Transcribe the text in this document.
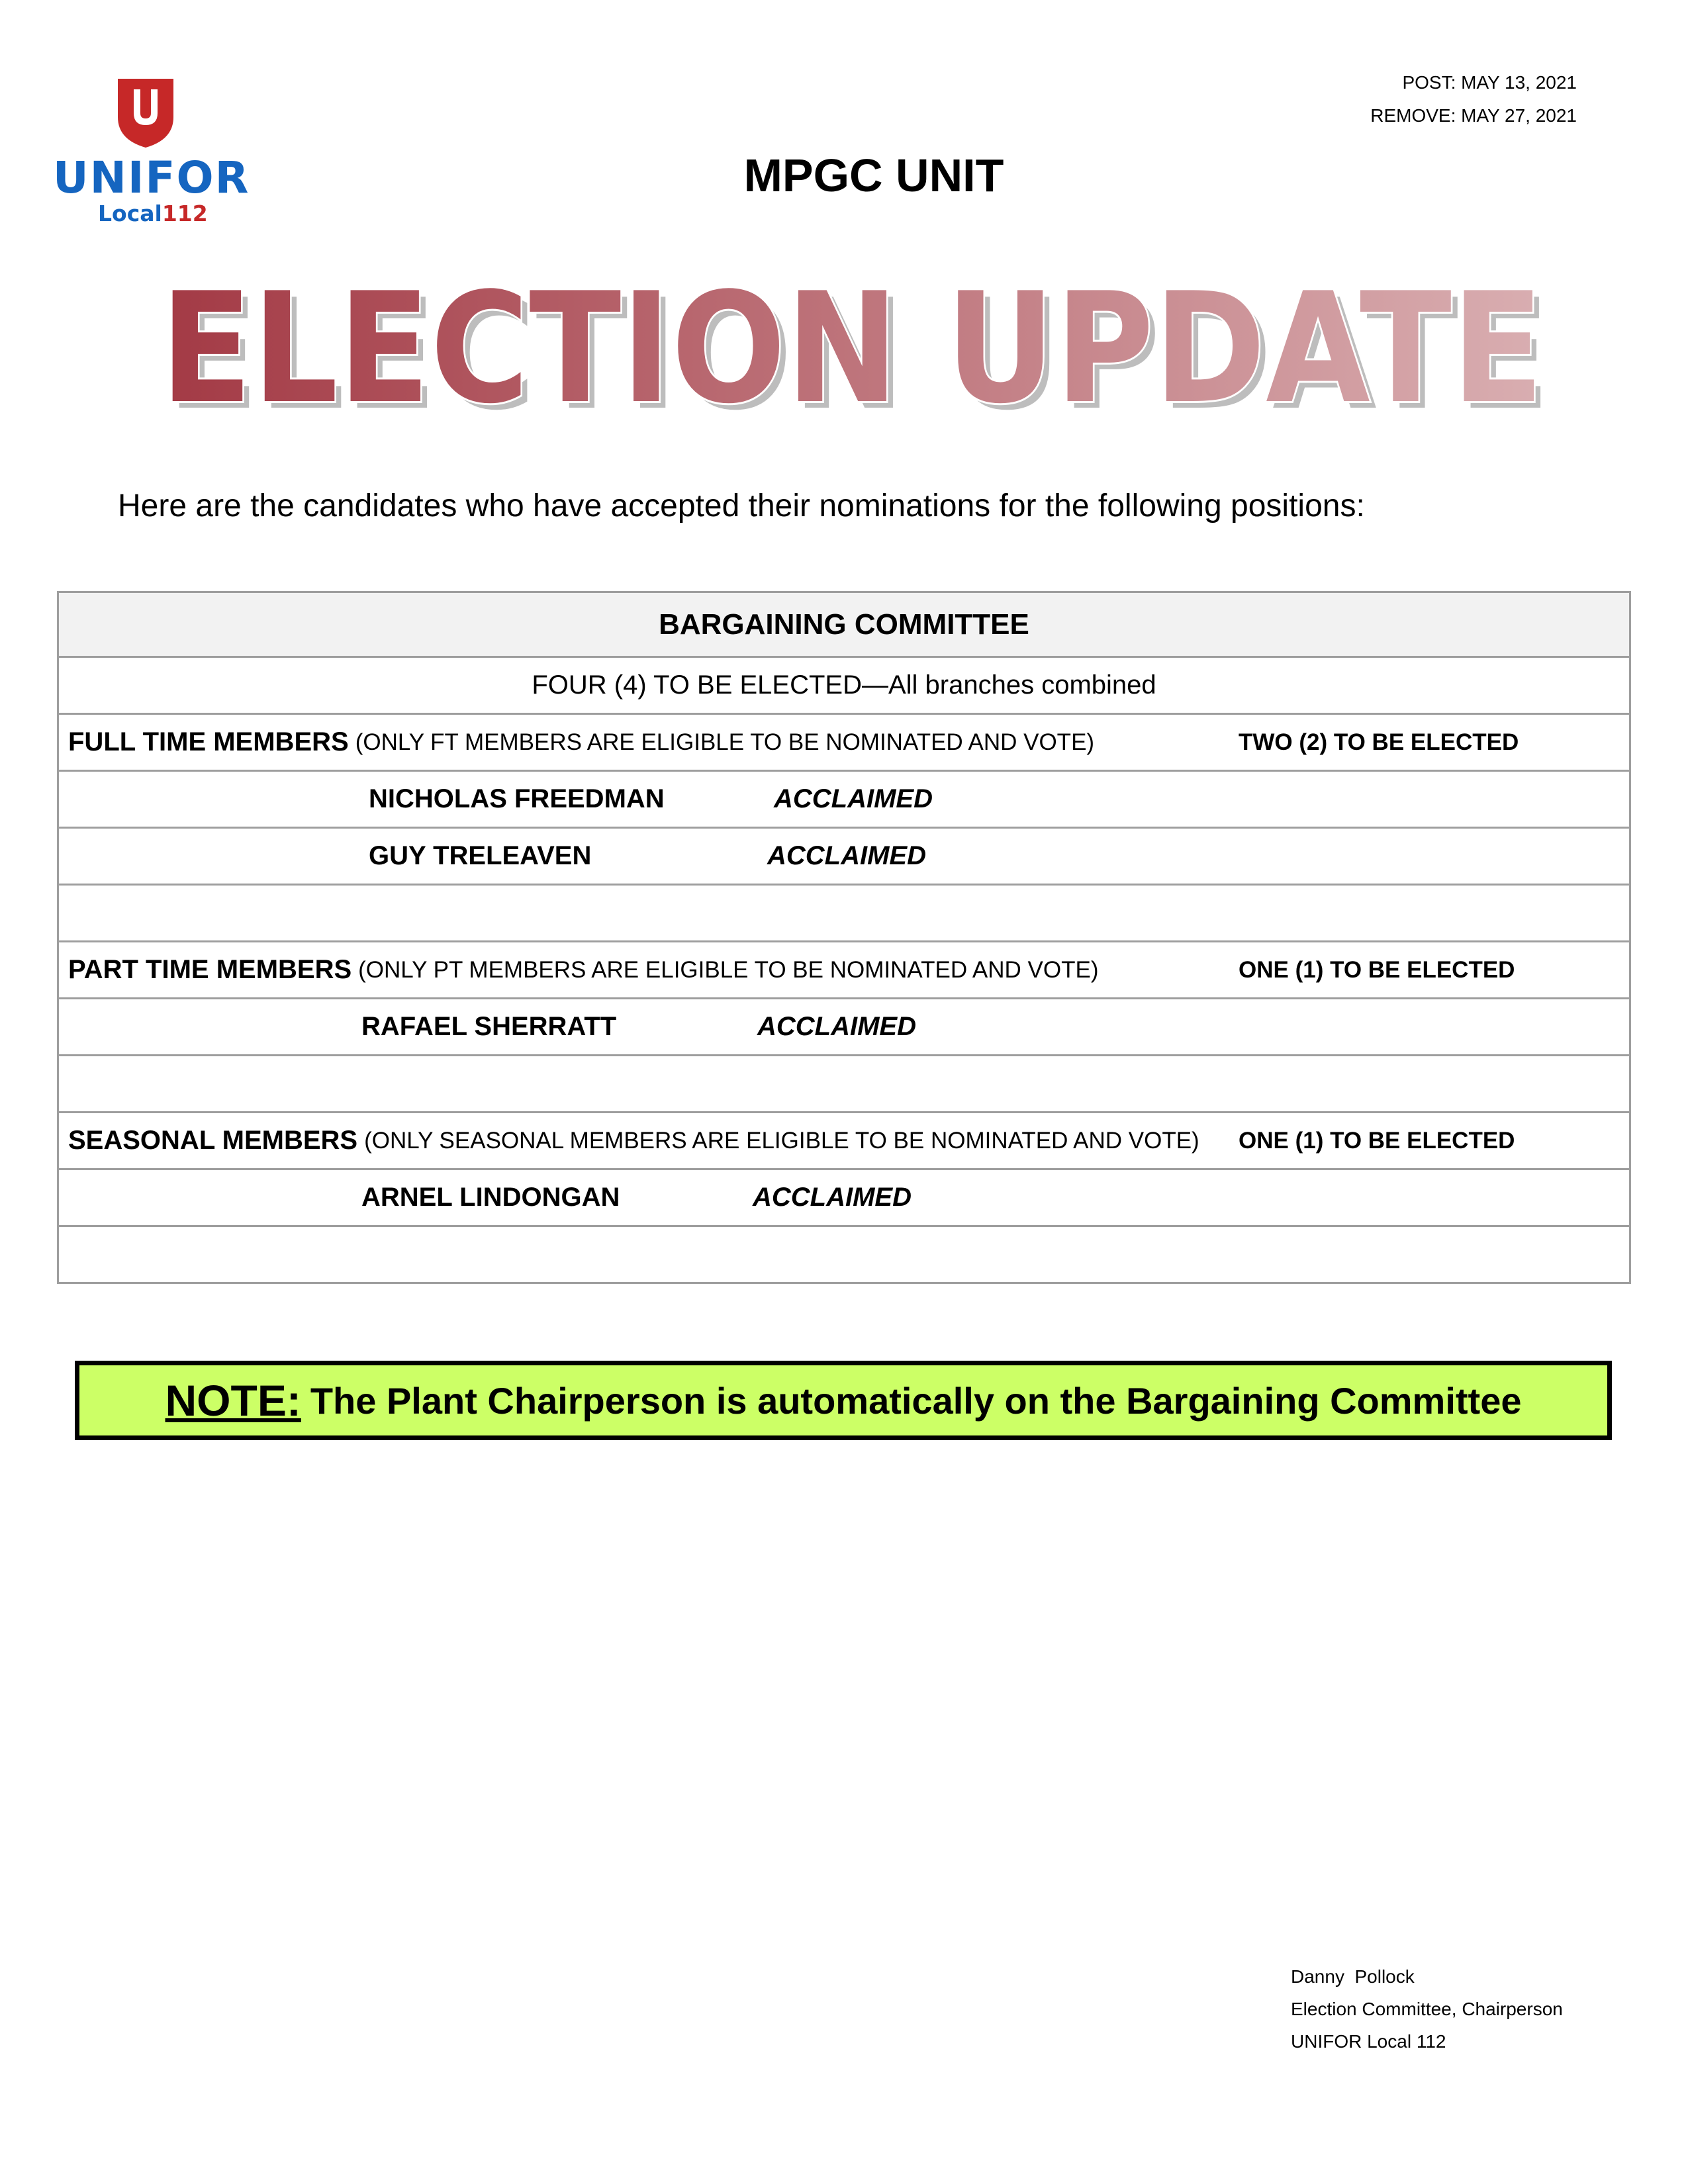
UNIFOR
Local112
POST: MAY 13, 2021
REMOVE: MAY 27, 2021
MPGC UNIT
ELECTION UPDATE
ELECTION UPDATE
Here are the candidates who have accepted their nominations for the following positions:
BARGAINING COMMITTEE
FOUR (4) TO BE ELECTED—All branches combined
FULL TIME MEMBERS (ONLY FT MEMBERS ARE ELIGIBLE TO BE NOMINATED AND VOTE)	TWO (2) TO BE ELECTED
NICHOLAS FREEDMAN	ACCLAIMED
GUY TRELEAVEN	ACCLAIMED
PART TIME MEMBERS (ONLY PT MEMBERS ARE ELIGIBLE TO BE NOMINATED AND VOTE)	ONE (1) TO BE ELECTED
RAFAEL SHERRATT	ACCLAIMED
SEASONAL MEMBERS (ONLY SEASONAL MEMBERS ARE ELIGIBLE TO BE NOMINATED AND VOTE) ONE (1) TO BE ELECTED
ARNEL LINDONGAN	ACCLAIMED
NOTE: The Plant Chairperson is automatically on the Bargaining Committee
Danny  Pollock
Election Committee, Chairperson
UNIFOR Local 112
